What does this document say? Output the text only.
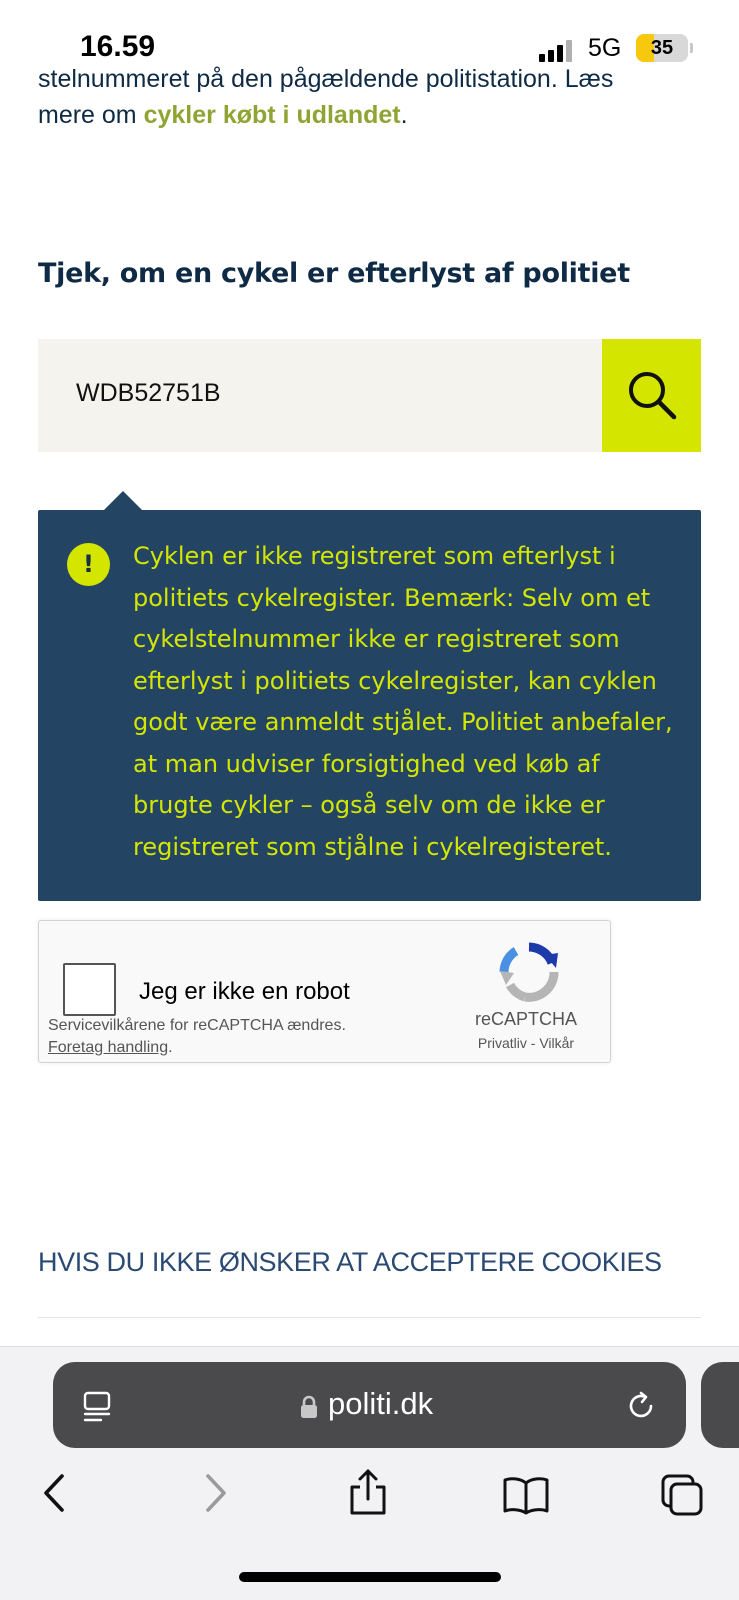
16.59	5G	35
stelnummeret på den pågældende politistation. Læs
mere om cykler købt i udlandet.
Tjek, om en cykel er efterlyst af politiet
WDB52751B
!	Cyklen er ikke registreret som efterlyst i politiets cykelregister. Bemærk: Selv om et cykelstelnummer ikke er registreret som efterlyst i politiets cykelregister, kan cyklen godt være anmeldt stjålet. Politiet anbefaler, at man udviser forsigtighed ved køb af brugte cykler – også selv om de ikke er registreret som stjålne i cykelregisteret.
Jeg er ikke en robot
Servicevilkårene for reCAPTCHA ændres.
Foretag handling.
reCAPTCHA
Privatliv - Vilkår
HVIS DU IKKE ØNSKER AT ACCEPTERE COOKIES
politi.dk
